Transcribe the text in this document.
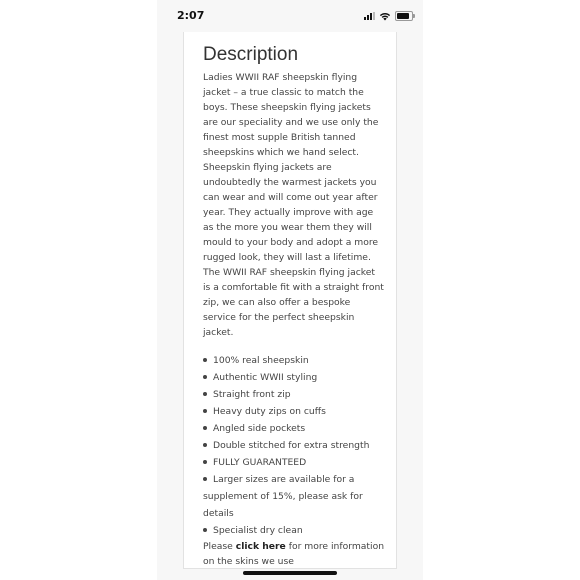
2:07
Description

Ladies WWII RAF sheepskin flying jacket – a true classic to match the boys. These sheepskin flying jackets are our speciality and we use only the finest most supple British tanned sheepskins which we hand select. Sheepskin flying jackets are undoubtedly the warmest jackets you can wear and will come out year after year. They actually improve with age as the more you wear them they will mould to your body and adopt a more rugged look, they will last a lifetime.

The WWII RAF sheepskin flying jacket is a comfortable fit with a straight front zip, we can also offer a bespoke service for the perfect sheepskin jacket.

100% real sheepskin
Authentic WWII styling
Straight front zip
Heavy duty zips on cuffs
Angled side pockets
Double stitched for extra strength
FULLY GUARANTEED
Larger sizes are available for a supplement of 15%, please ask for details
Specialist dry clean
Please click here for more information on the skins we use
